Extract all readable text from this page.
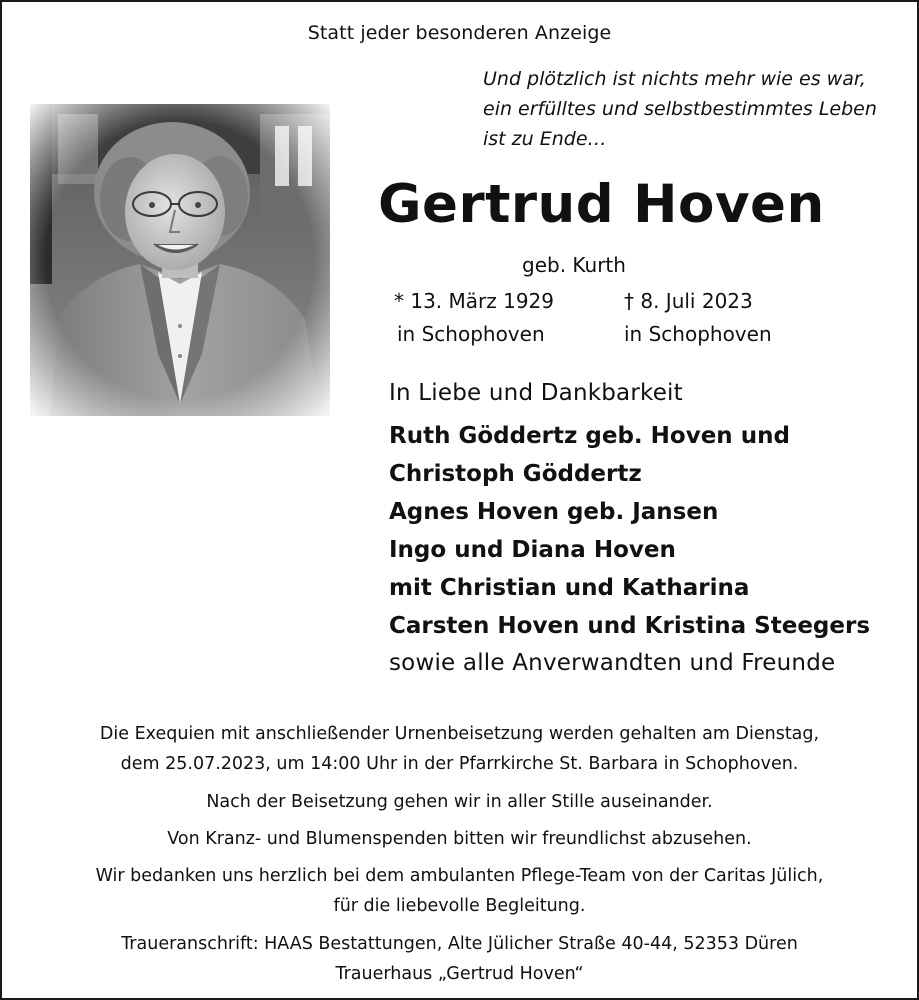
Statt jeder besonderen Anzeige
Und plötzlich ist nichts mehr wie es war,
ein erfülltes und selbstbestimmtes Leben
ist zu Ende…
Gertrud Hoven
geb. Kurth
* 13. März 1929
in Schophoven
† 8. Juli 2023
in Schophoven
In Liebe und Dankbarkeit
Ruth Göddertz geb. Hoven und
Christoph Göddertz
Agnes Hoven geb. Jansen
Ingo und Diana Hoven
mit Christian und Katharina
Carsten Hoven und Kristina Steegers
sowie alle Anverwandten und Freunde
Die Exequien mit anschließender Urnenbeisetzung werden gehalten am Dienstag,
dem 25.07.2023, um 14:00 Uhr in der Pfarrkirche St. Barbara in Schophoven.
Nach der Beisetzung gehen wir in aller Stille auseinander.
Von Kranz- und Blumenspenden bitten wir freundlichst abzusehen.
Wir bedanken uns herzlich bei dem ambulanten Pflege-Team von der Caritas Jülich,
für die liebevolle Begleitung.
Traueranschrift: HAAS Bestattungen, Alte Jülicher Straße 40-44, 52353 Düren
Trauerhaus „Gertrud Hoven“
